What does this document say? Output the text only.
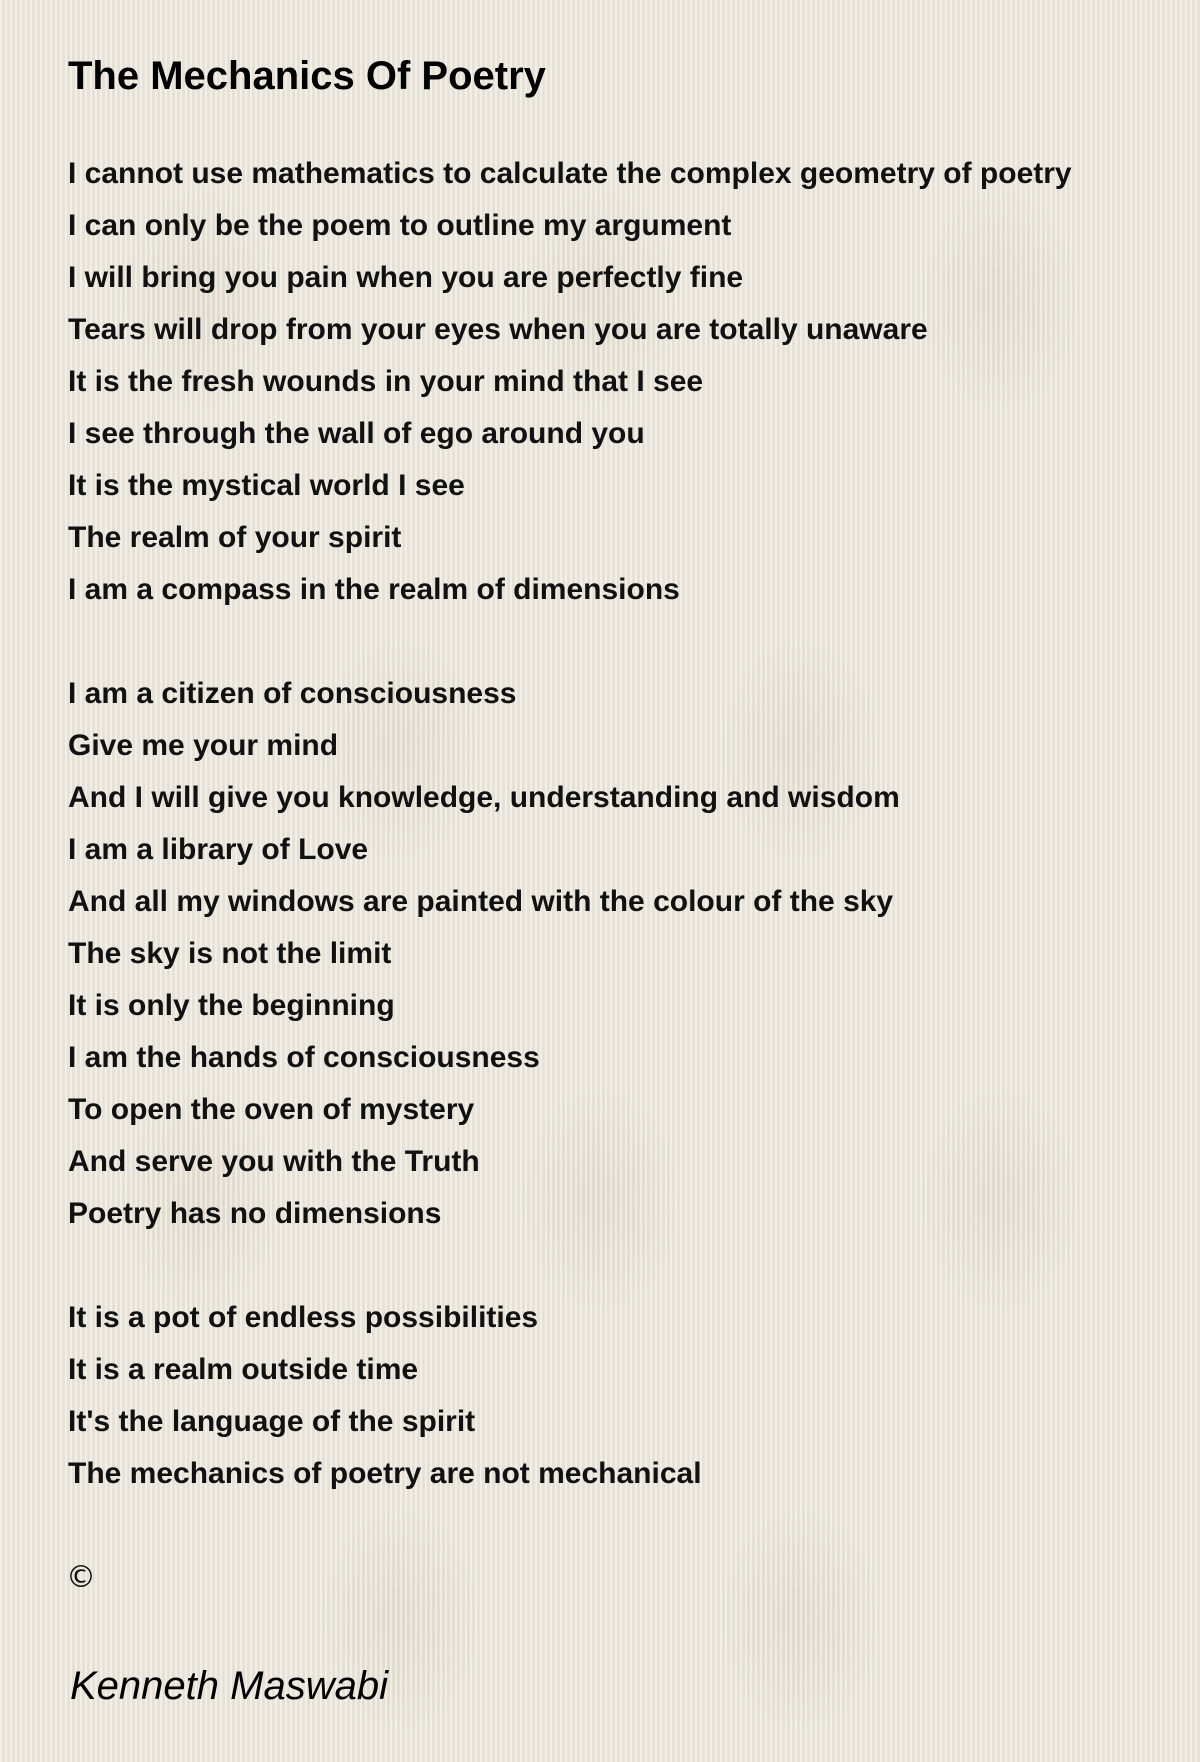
The Mechanics Of Poetry
I cannot use mathematics to calculate the complex geometry of poetry
I can only be the poem to outline my argument
I will bring you pain when you are perfectly fine
Tears will drop from your eyes when you are totally unaware
It is the fresh wounds in your mind that I see
I see through the wall of ego around you
It is the mystical world I see
The realm of your spirit
I am a compass in the realm of dimensions
I am a citizen of consciousness
Give me your mind
And I will give you knowledge, understanding and wisdom
I am a library of Love
And all my windows are painted with the colour of the sky
The sky is not the limit
It is only the beginning
I am the hands of consciousness
To open the oven of mystery
And serve you with the Truth
Poetry has no dimensions
It is a pot of endless possibilities
It is a realm outside time
It's the language of the spirit
The mechanics of poetry are not mechanical
©
Kenneth Maswabi
